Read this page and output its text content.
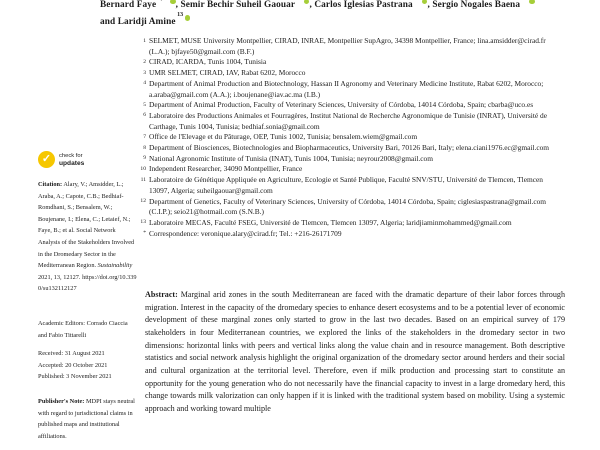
Bernard Faye , Semir Bechir Suheil Gaouar , Carlos Iglesias Pastrana , Sergio Nogales Baena
and Laridji Amine$^{13}$
1 SELMET, MUSE University Montpellier, CIRAD, INRAE, Montpellier SupAgro, 34398 Montpellier, France; lina.amsidder@cirad.fr (L.A.); bjfaye50@gmail.com (B.F.)
2 CIRAD, ICARDA, Tunis 1004, Tunisia
3 UMR SELMET, CIRAD, IAV, Rabat 6202, Morocco
4 Department of Animal Production and Biotechnology, Hassan II Agronomy and Veterinary Medicine Institute, Rabat 6202, Morocco; a.araba@gmail.com (A.A.); i.boujenane@iav.ac.ma (I.B.)
5 Department of Animal Production, Faculty of Veterinary Sciences, University of Córdoba, 14014 Córdoba, Spain; cbarba@uco.es
6 Laboratoire des Productions Animales et Fourragères, Institut National de Recherche Agronomique de Tunisie (INRAT), Université de Carthage, Tunis 1004, Tunisia; bedhiaf.sonia@gmail.com
7 Office de l'Elevage et du Pâturage, OEP, Tunis 1002, Tunisia; bensalem.wiem@gmail.com
8 Department of Biosciences, Biotechnologies and Biopharmaceutics, University Bari, 70126 Bari, Italy; elena.ciani1976.ec@gmail.com
9 National Agronomic Institute of Tunisia (INAT), Tunis 1004, Tunisia; neyrour2008@gmail.com
10 Independent Researcher, 34090 Montpellier, France
11 Laboratoire de Génétique Appliquée en Agriculture, Ecologie et Santé Publique, Faculté SNV/STU, Université de Tlemcen, Tlemcen 13097, Algeria; suheilgaouar@gmail.com
12 Department of Genetics, Faculty of Veterinary Sciences, University of Córdoba, 14014 Córdoba, Spain; ciglesiaspastrana@gmail.com (C.I.P.); seio21@hotmail.com (S.N.B.)
13 Laboratoire MECAS, Faculté FSEG, Université de Tlemcen, Tlemcen 13097, Algeria; laridjiaminmohammed@gmail.com
* Correspondence: veronique.alary@cirad.fr; Tel.: +216-26171709
Abstract: Marginal arid zones in the south Mediterranean are faced with the dramatic departure of their labor forces through migration. Interest in the capacity of the dromedary species to enhance desert ecosystems and to be a potential lever of economic development of these marginal zones only started to grow in the last two decades. Based on an empirical survey of 179 stakeholders in four Mediterranean countries, we explored the links of the stakeholders in the dromedary sector in two dimensions: horizontal links with peers and vertical links along the value chain and in resource management. Both descriptive statistics and social network analysis highlight the original organization of the dromedary sector around herders and their social and cultural organization at the territorial level. Therefore, even if milk production and processing start to constitute an opportunity for the young generation who do not necessarily have the financial capacity to invest in a large dromedary herd, this change towards milk valorization can only happen if it is linked with the traditional system based on mobility. Using a systemic approach and working toward multiple
✓ check for
updates
Citation: Alary, V.; Amsidder, L.; Araba, A.; Capote, C.B.; Bedhiaf-Romdhani, S.; Bensalem, W.; Boujenane, I.; Elena, C.; Letaief, N.; Faye, B.; et al. Social Network Analysis of the Stakeholders Involved in the Dromedary Sector in the Mediterranean Region. Sustainability 2021, 13, 12127. https://doi.org/10.3390/su132112127
Academic Editors: Corrado Ciaccia and Fabio Tittarelli
Received: 31 August 2021
Accepted: 20 October 2021
Published: 3 November 2021
Publisher's Note: MDPI stays neutral with regard to jurisdictional claims in published maps and institutional affiliations.
